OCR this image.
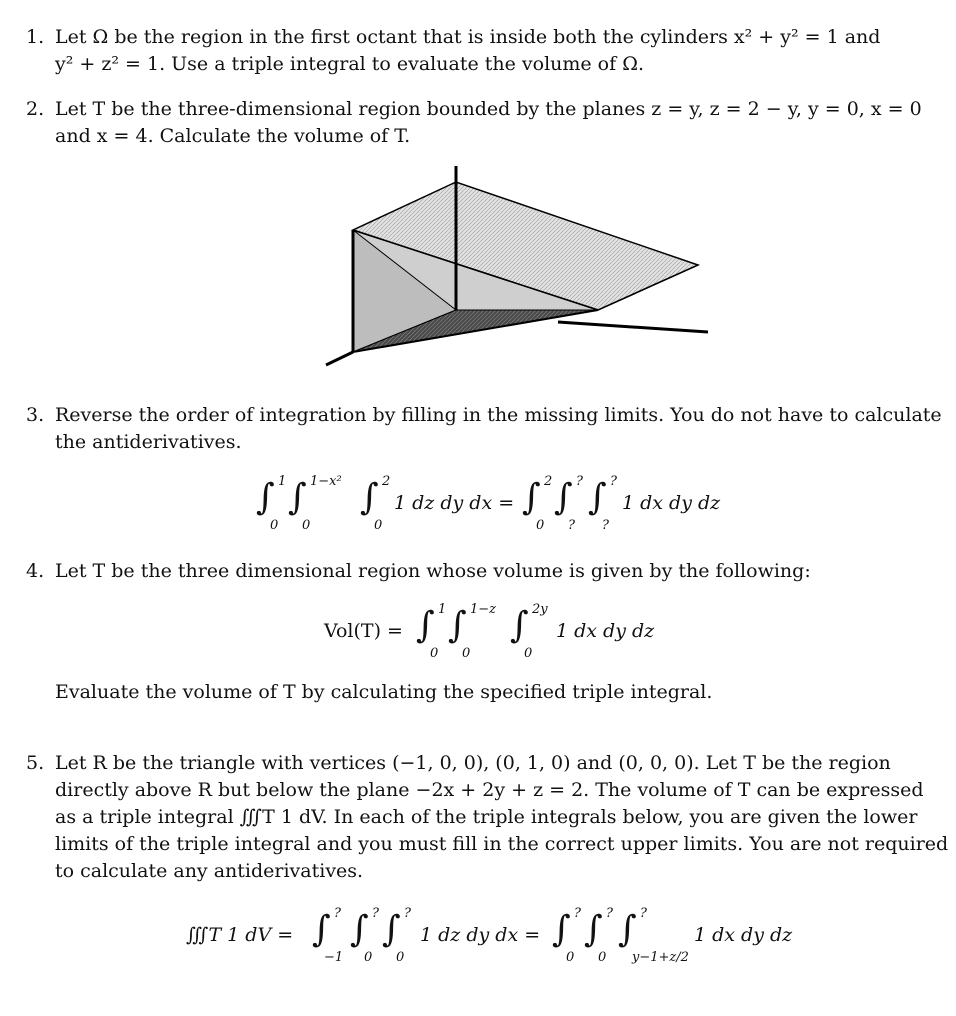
1. Let Ω be the region in the first octant that is inside both the cylinders x² + y² = 1 and
y² + z² = 1. Use a triple integral to evaluate the volume of Ω.
2. Let T be the three-dimensional region bounded by the planes z = y, z = 2 − y, y = 0, x = 0
and x = 4. Calculate the volume of T.
3. Reverse the order of integration by filling in the missing limits. You do not have to calculate
the antiderivatives.
∫ 1
0
∫ 1−x²
0
∫ 2
0
1 dz dy dx = ∫ 2
0
∫ ?
?
∫ ?
?
1 dx dy dz
4. Let T be the three dimensional region whose volume is given by the following:
Vol(T) = ∫ 1
0
∫ 1−z
0
∫ 2y
0
1 dx dy dz
Evaluate the volume of T by calculating the specified triple integral.
5. Let R be the triangle with vertices (−1, 0, 0), (0, 1, 0) and (0, 0, 0). Let T be the region
directly above R but below the plane −2x + 2y + z = 2. The volume of T can be expressed
as a triple integral ∭T 1 dV. In each of the triple integrals below, you are given the lower
limits of the triple integral and you must fill in the correct upper limits. You are not required
to calculate any antiderivatives.
∭T 1 dV = ∫ ?
−1
∫ ?
0
∫ ?
0
1 dz dy dx = ∫ ?
0
∫ ?
0
∫ ?
y−1+z/2
1 dx dy dz
